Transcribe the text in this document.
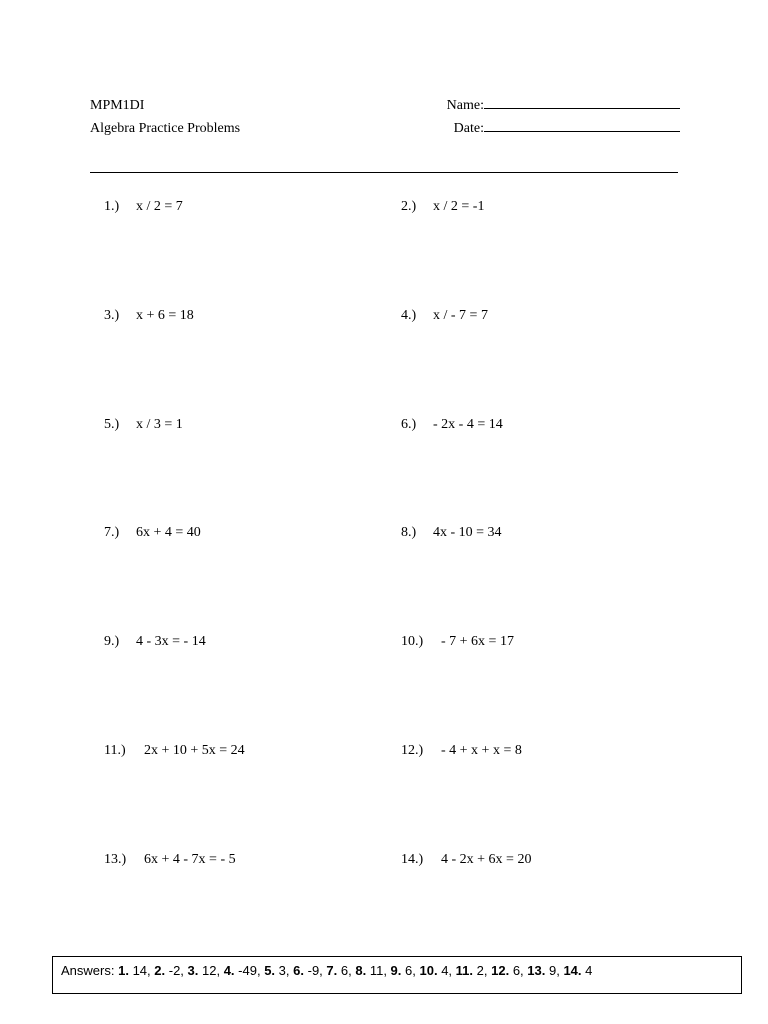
MPM1DI
Algebra Practice Problems
Name:
Date:

1.) x / 2 = 7
	2.) x / 2 = -1

3.) x + 6 = 18
	4.) x / - 7 = 7

5.) x / 3 = 1
	6.) - 2x - 4 = 14

7.) 6x + 4 = 40
	8.) 4x - 10 = 34

9.) 4 - 3x = - 14
	10.) - 7 + 6x = 17

11.) 2x + 10 + 5x = 24
	12.) - 4 + x + x = 8

13.) 6x + 4 - 7x = - 5
	14.) 4 - 2x + 6x = 20

Answers: 1. 14, 2. -2, 3. 12, 4. -49, 5. 3, 6. -9, 7. 6, 8. 11, 9. 6, 10. 4, 11. 2, 12. 6, 13. 9, 14. 4
